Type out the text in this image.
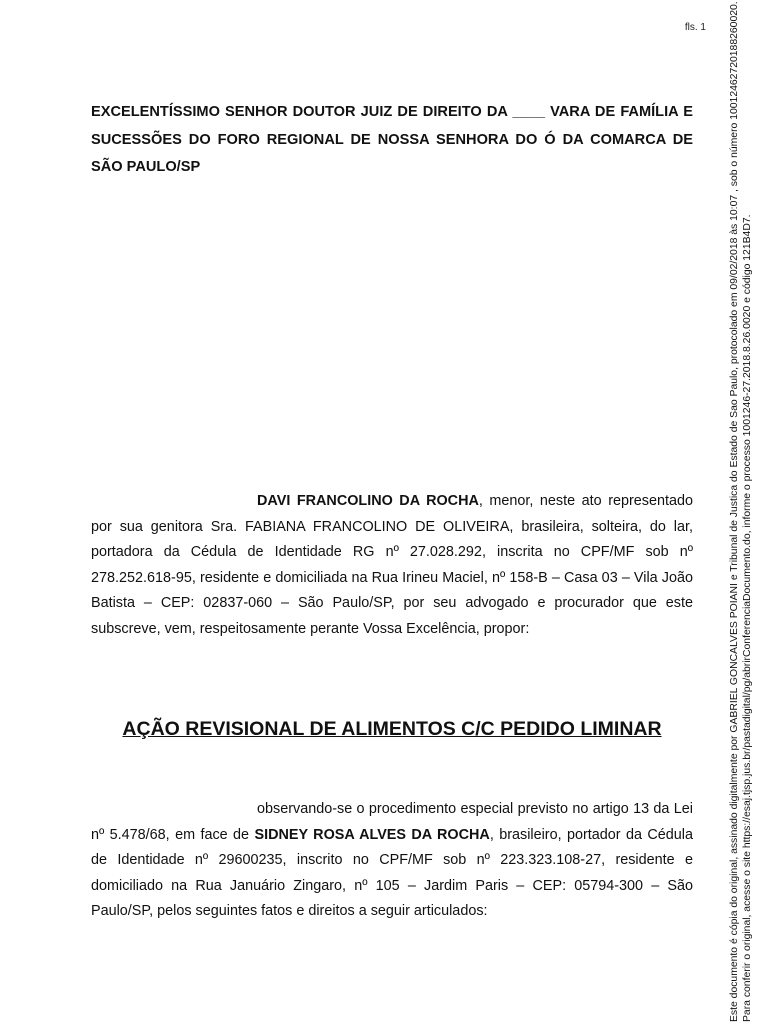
fls. 1

EXCELENTÍSSIMO SENHOR DOUTOR JUIZ DE DIREITO DA ____ VARA DE FAMÍLIA E SUCESSÕES DO FORO REGIONAL DE NOSSA SENHORA DO Ó DA COMARCA DE SÃO PAULO/SP

DAVI FRANCOLINO DA ROCHA, menor, neste ato representado por sua genitora Sra. FABIANA FRANCOLINO DE OLIVEIRA, brasileira, solteira, do lar, portadora da Cédula de Identidade RG nº 27.028.292, inscrita no CPF/MF sob nº 278.252.618-95, residente e domiciliada na Rua Irineu Maciel, nº 158-B – Casa 03 – Vila João Batista – CEP: 02837-060 – São Paulo/SP, por seu advogado e procurador que este subscreve, vem, respeitosamente perante Vossa Excelência, propor:

AÇÃO REVISIONAL DE ALIMENTOS C/C PEDIDO LIMINAR

observando-se o procedimento especial previsto no artigo 13 da Lei nº 5.478/68, em face de SIDNEY ROSA ALVES DA ROCHA, brasileiro, portador da Cédula de Identidade nº 29600235, inscrito no CPF/MF sob nº 223.323.108-27, residente e domiciliado na Rua Januário Zingaro, nº 105 – Jardim Paris – CEP: 05794-300 – São Paulo/SP, pelos seguintes fatos e direitos a seguir articulados:	Este documento é cópia do original, assinado digitalmente por GABRIEL GONCALVES POIANI e Tribunal de Justica do Estado de Sao Paulo, protocolado em 09/02/2018 às 10:07 , sob o número 10012462720188260020. Para conferir o original, acesse o site https://esaj.tjsp.jus.br/pastadigital/pg/abrirConferenciaDocumento.do, informe o processo 1001246-27.2018.8.26.0020 e código 121B4D7.
